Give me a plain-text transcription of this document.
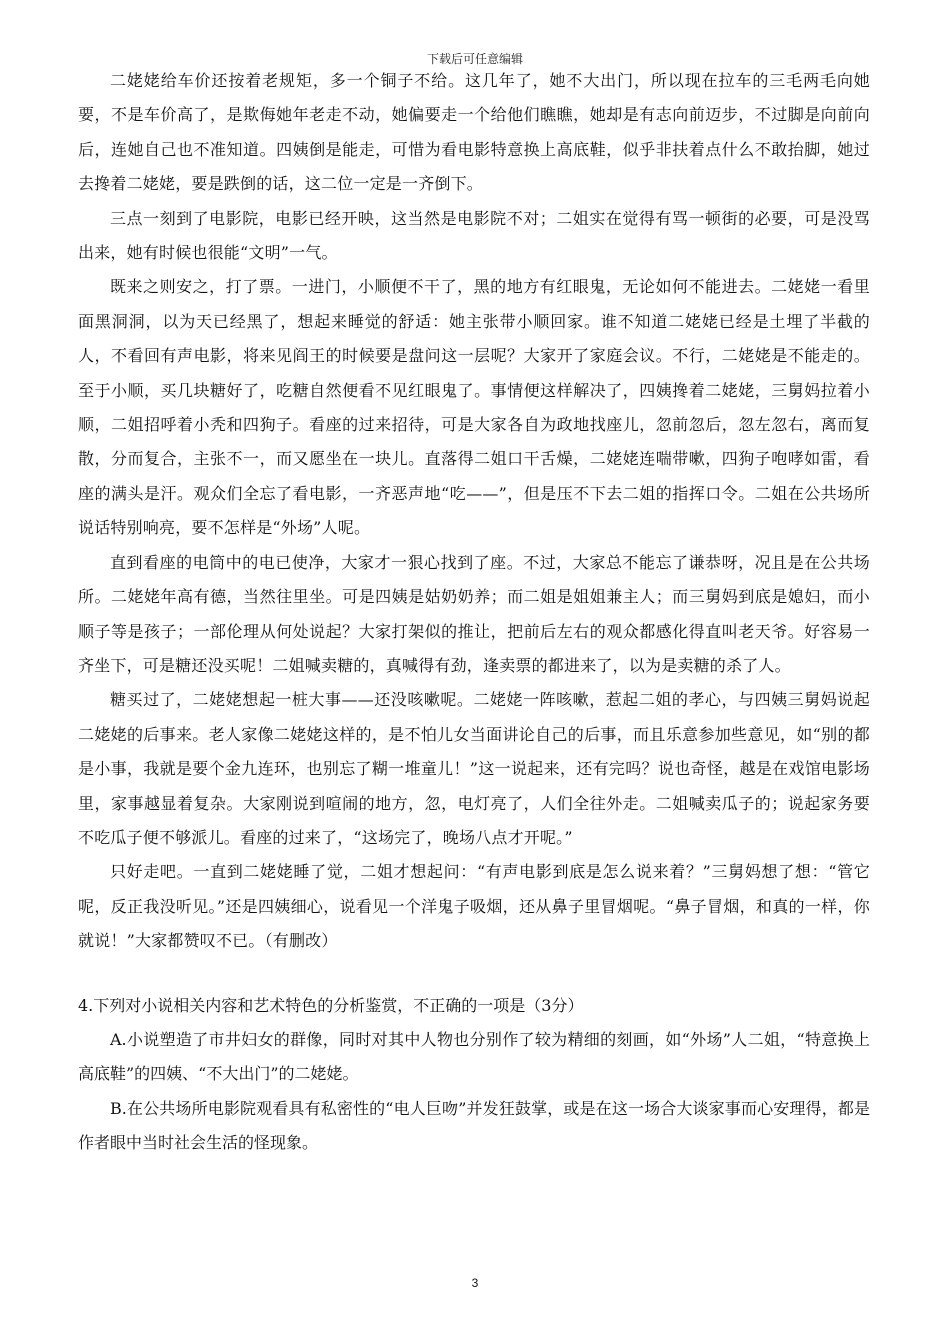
下载后可任意编辑

二姥姥给车价还按着老规矩，多一个铜子不给。这几年了，她不大出门，所以现在拉车的三毛两毛向她要，不是车价高了，是欺侮她年老走不动，她偏要走一个给他们瞧瞧，她却是有志向前迈步，不过脚是向前向后，连她自己也不准知道。四姨倒是能走，可惜为看电影特意换上高底鞋，似乎非扶着点什么不敢抬脚，她过去搀着二姥姥，要是跌倒的话，这二位一定是一齐倒下。

三点一刻到了电影院，电影已经开映，这当然是电影院不对；二姐实在觉得有骂一顿街的必要，可是没骂出来，她有时候也很能“文明”一气。

既来之则安之，打了票。一进门，小顺便不干了，黑的地方有红眼鬼，无论如何不能进去。二姥姥一看里面黑洞洞，以为天已经黑了，想起来睡觉的舒适：她主张带小顺回家。谁不知道二姥姥已经是土埋了半截的人，不看回有声电影，将来见阎王的时候要是盘问这一层呢？大家开了家庭会议。不行，二姥姥是不能走的。至于小顺，买几块糖好了，吃糖自然便看不见红眼鬼了。事情便这样解决了，四姨搀着二姥姥，三舅妈拉着小顺，二姐招呼着小秃和四狗子。看座的过来招待，可是大家各自为政地找座儿，忽前忽后，忽左忽右，离而复散，分而复合，主张不一，而又愿坐在一块儿。直落得二姐口干舌燥，二姥姥连喘带嗽，四狗子咆哮如雷，看座的满头是汗。观众们全忘了看电影，一齐恶声地“吃——”，但是压不下去二姐的指挥口令。二姐在公共场所说话特别响亮，要不怎样是“外场”人呢。

直到看座的电筒中的电已使净，大家才一狠心找到了座。不过，大家总不能忘了谦恭呀，况且是在公共场所。二姥姥年高有德，当然往里坐。可是四姨是姑奶奶养；而二姐是姐姐兼主人；而三舅妈到底是媳妇，而小顺子等是孩子；一部伦理从何处说起？大家打架似的推让，把前后左右的观众都感化得直叫老天爷。好容易一齐坐下，可是糖还没买呢！二姐喊卖糖的，真喊得有劲，逢卖票的都进来了，以为是卖糖的杀了人。

糖买过了，二姥姥想起一桩大事——还没咳嗽呢。二姥姥一阵咳嗽，惹起二姐的孝心，与四姨三舅妈说起二姥姥的后事来。老人家像二姥姥这样的，是不怕儿女当面讲论自己的后事，而且乐意参加些意见，如“别的都是小事，我就是要个金九连环，也别忘了糊一堆童儿！”这一说起来，还有完吗？说也奇怪，越是在戏馆电影场里，家事越显着复杂。大家刚说到喧闹的地方，忽，电灯亮了，人们全往外走。二姐喊卖瓜子的；说起家务要不吃瓜子便不够派儿。看座的过来了，“这场完了，晚场八点才开呢。”

只好走吧。一直到二姥姥睡了觉，二姐才想起问：“有声电影到底是怎么说来着？”三舅妈想了想：“管它呢，反正我没听见。”还是四姨细心，说看见一个洋鬼子吸烟，还从鼻子里冒烟呢。“鼻子冒烟，和真的一样，你就说！”大家都赞叹不已。（有删改）

4.下列对小说相关内容和艺术特色的分析鉴赏，不正确的一项是（3分）

A.小说塑造了市井妇女的群像，同时对其中人物也分别作了较为精细的刻画，如“外场”人二姐，“特意换上高底鞋”的四姨、“不大出门”的二姥姥。

B.在公共场所电影院观看具有私密性的“电人巨吻”并发狂鼓掌，或是在这一场合大谈家事而心安理得，都是作者眼中当时社会生活的怪现象。

3
